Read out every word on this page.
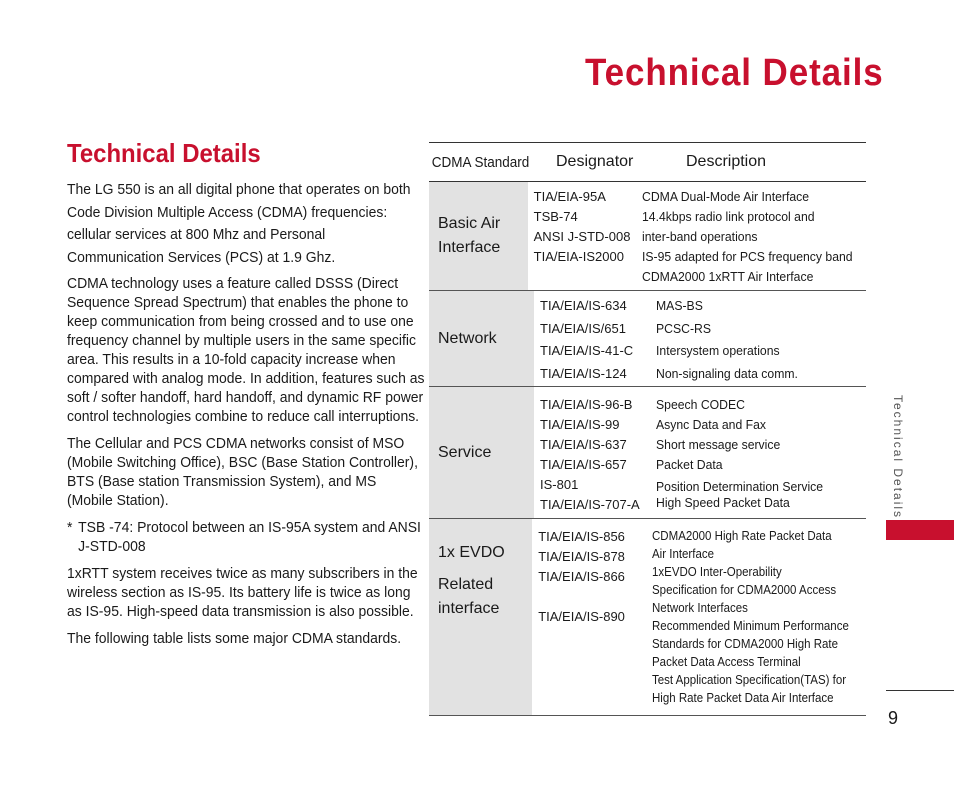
Technical Details
Technical Details

The LG 550 is an all digital phone that operates on both Code Division Multiple Access (CDMA) frequencies: cellular services at 800 Mhz and Personal Communication Services (PCS) at 1.9 Ghz.

CDMA technology uses a feature called DSSS (Direct Sequence Spread Spectrum) that enables the phone to keep communication from being crossed and to use one frequency channel by multiple users in the same specific area. This results in a 10-fold capacity increase when compared with analog mode. In addition, features such as soft / softer handoff, hard handoff, and dynamic RF power control technologies combine to reduce call interruptions.

The Cellular and PCS CDMA networks consist of MSO (Mobile Switching Office), BSC (Base Station Controller), BTS (Base station Transmission System), and MS (Mobile Station).

* TSB -74: Protocol between an IS-95A system and ANSI J-STD-008

1xRTT system receives twice as many subscribers in the wireless section as IS-95. Its battery life is twice as long as IS-95. High-speed data transmission is also possible.

The following table lists some major CDMA standards.

CDMA Standard	Designator	Description
Basic Air
Interface
TIA/EIA-95A
TSB-74
ANSI J-STD-008
TIA/EIA-IS2000
CDMA Dual-Mode Air Interface
14.4kbps radio link protocol and
inter-band operations
IS-95 adapted for PCS frequency band
CDMA2000 1xRTT Air Interface
Network
TIA/EIA/IS-634
TIA/EIA/IS/651
TIA/EIA/IS-41-C
TIA/EIA/IS-124
MAS-BS
PCSC-RS
Intersystem operations
Non-signaling data comm.
Service
TIA/EIA/IS-96-B
TIA/EIA/IS-99
TIA/EIA/IS-637
TIA/EIA/IS-657
IS-801
TIA/EIA/IS-707-A
Speech CODEC
Async Data and Fax
Short message service
Packet Data
Position Determination Service
High Speed Packet Data
1x EVDO
Related
interface
TIA/EIA/IS-856
TIA/EIA/IS-878
TIA/EIA/IS-866
TIA/EIA/IS-890
CDMA2000 High Rate Packet Data
Air Interface
1xEVDO Inter-Operability
Specification for CDMA2000 Access
Network Interfaces
Recommended Minimum Performance
Standards for CDMA2000 High Rate
Packet Data Access Terminal
Test Application Specification(TAS) for
High Rate Packet Data Air Interface
Technical Details
9
